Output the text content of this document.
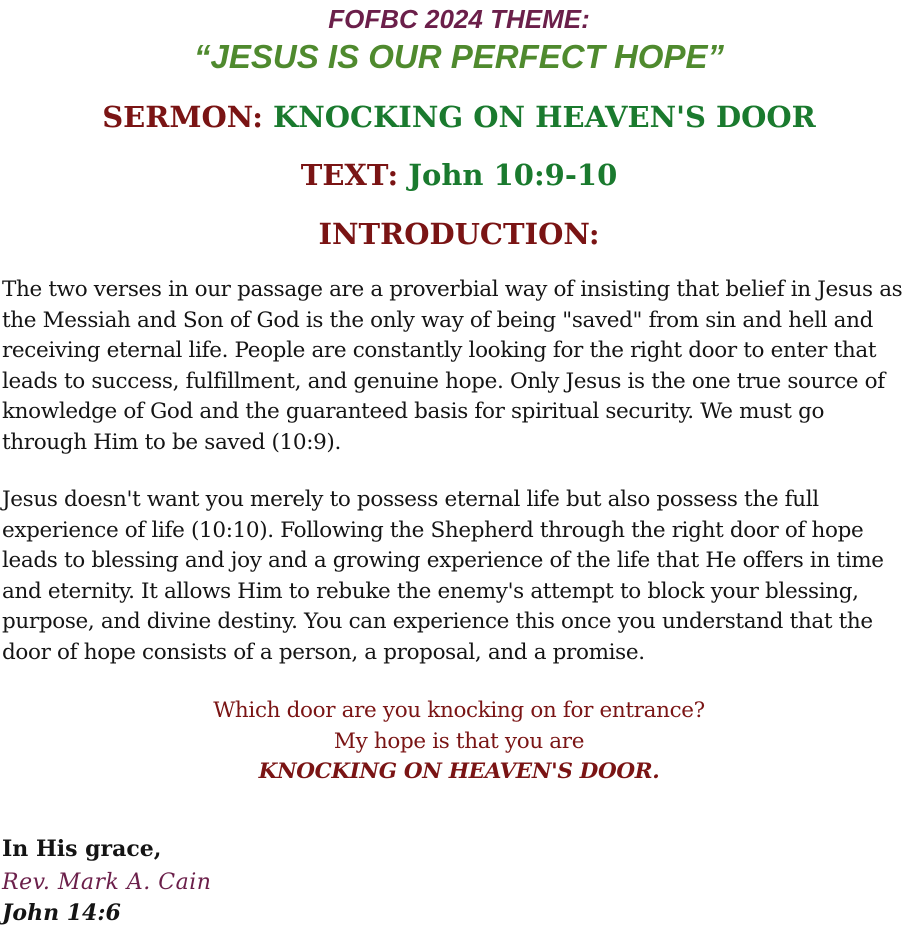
FOFBC 2024 THEME:

“JESUS IS OUR PERFECT HOPE”

SERMON: KNOCKING ON HEAVEN'S DOOR
TEXT: John 10:9-10
INTRODUCTION:

The two verses in our passage are a proverbial way of insisting that belief in Jesus as the Messiah and Son of God is the only way of being "saved" from sin and hell and receiving eternal life. People are constantly looking for the right door to enter that leads to success, fulfillment, and genuine hope. Only Jesus is the one true source of knowledge of God and the guaranteed basis for spiritual security. We must go through Him to be saved (10:9).

Jesus doesn't want you merely to possess eternal life but also possess the full experience of life (10:10). Following the Shepherd through the right door of hope leads to blessing and joy and a growing experience of the life that He offers in time and eternity. It allows Him to rebuke the enemy's attempt to block your blessing, purpose, and divine destiny. You can experience this once you understand that the door of hope consists of a person, a proposal, and a promise.

Which door are you knocking on for entrance?
My hope is that you are
KNOCKING ON HEAVEN'S DOOR.
In His grace,
Rev. Mark A. Cain
John 14:6
